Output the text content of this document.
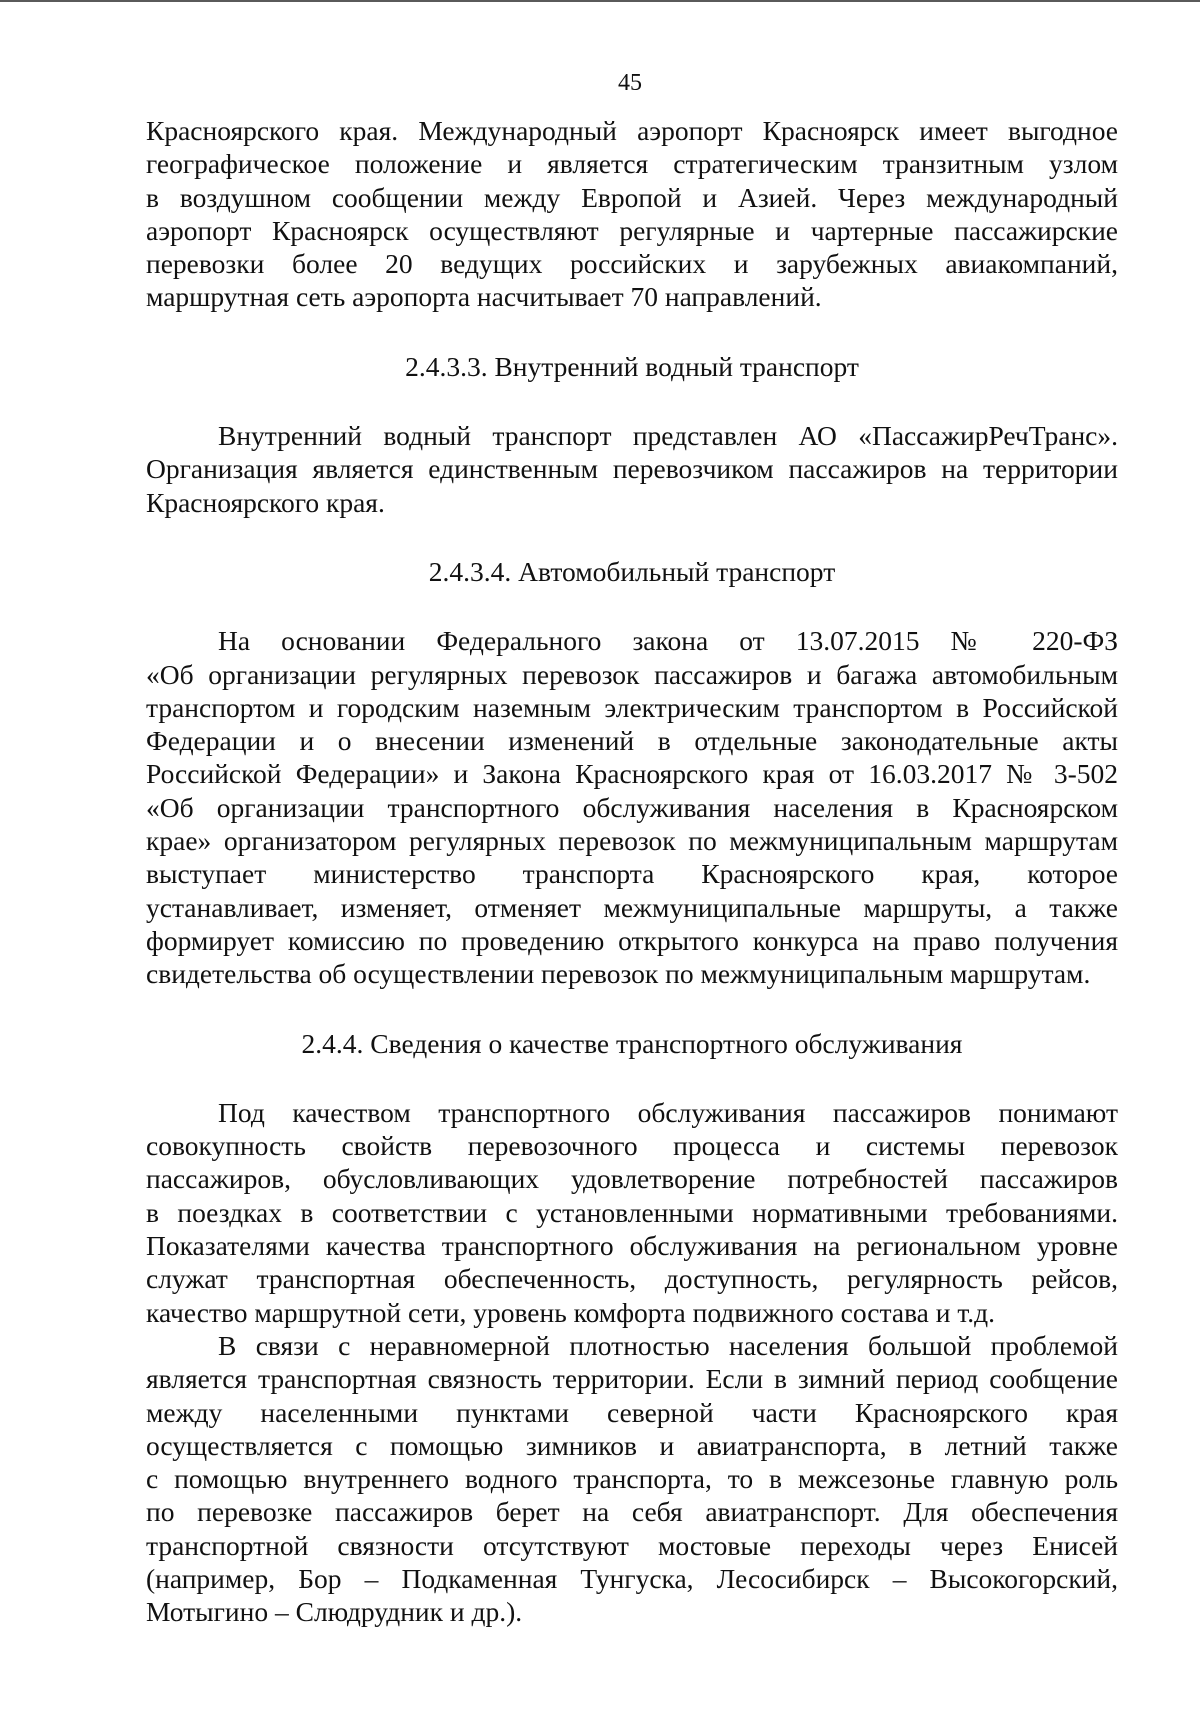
45
Красноярского края. Международный аэропорт Красноярск имеет выгодное
географическое положение и является стратегическим транзитным узлом
в воздушном сообщении между Европой и Азией. Через международный
аэропорт Красноярск осуществляют регулярные и чартерные пассажирские
перевозки более 20 ведущих российских и зарубежных авиакомпаний,
маршрутная сеть аэропорта насчитывает 70 направлений.
2.4.3.3. Внутренний водный транспорт
Внутренний водный транспорт представлен АО «ПассажирРечТранс».
Организация является единственным перевозчиком пассажиров на территории
Красноярского края.
2.4.3.4. Автомобильный транспорт
На основании Федерального закона от 13.07.2015 № 220-ФЗ
«Об организации регулярных перевозок пассажиров и багажа автомобильным
транспортом и городским наземным электрическим транспортом в Российской
Федерации и о внесении изменений в отдельные законодательные акты
Российской Федерации» и Закона Красноярского края от 16.03.2017 № 3-502
«Об организации транспортного обслуживания населения в Красноярском
крае» организатором регулярных перевозок по межмуниципальным маршрутам
выступает министерство транспорта Красноярского края, которое
устанавливает, изменяет, отменяет межмуниципальные маршруты, а также
формирует комиссию по проведению открытого конкурса на право получения
свидетельства об осуществлении перевозок по межмуниципальным маршрутам.
2.4.4. Сведения о качестве транспортного обслуживания
Под качеством транспортного обслуживания пассажиров понимают
совокупность свойств перевозочного процесса и системы перевозок
пассажиров, обусловливающих удовлетворение потребностей пассажиров
в поездках в соответствии с установленными нормативными требованиями.
Показателями качества транспортного обслуживания на региональном уровне
служат транспортная обеспеченность, доступность, регулярность рейсов,
качество маршрутной сети, уровень комфорта подвижного состава и т.д.
В связи с неравномерной плотностью населения большой проблемой
является транспортная связность территории. Если в зимний период сообщение
между населенными пунктами северной части Красноярского края
осуществляется с помощью зимников и авиатранспорта, в летний также
с помощью внутреннего водного транспорта, то в межсезонье главную роль
по перевозке пассажиров берет на себя авиатранспорт. Для обеспечения
транспортной связности отсутствуют мостовые переходы через Енисей
(например, Бор – Подкаменная Тунгуска, Лесосибирск – Высокогорский,
Мотыгино – Слюдрудник и др.).
